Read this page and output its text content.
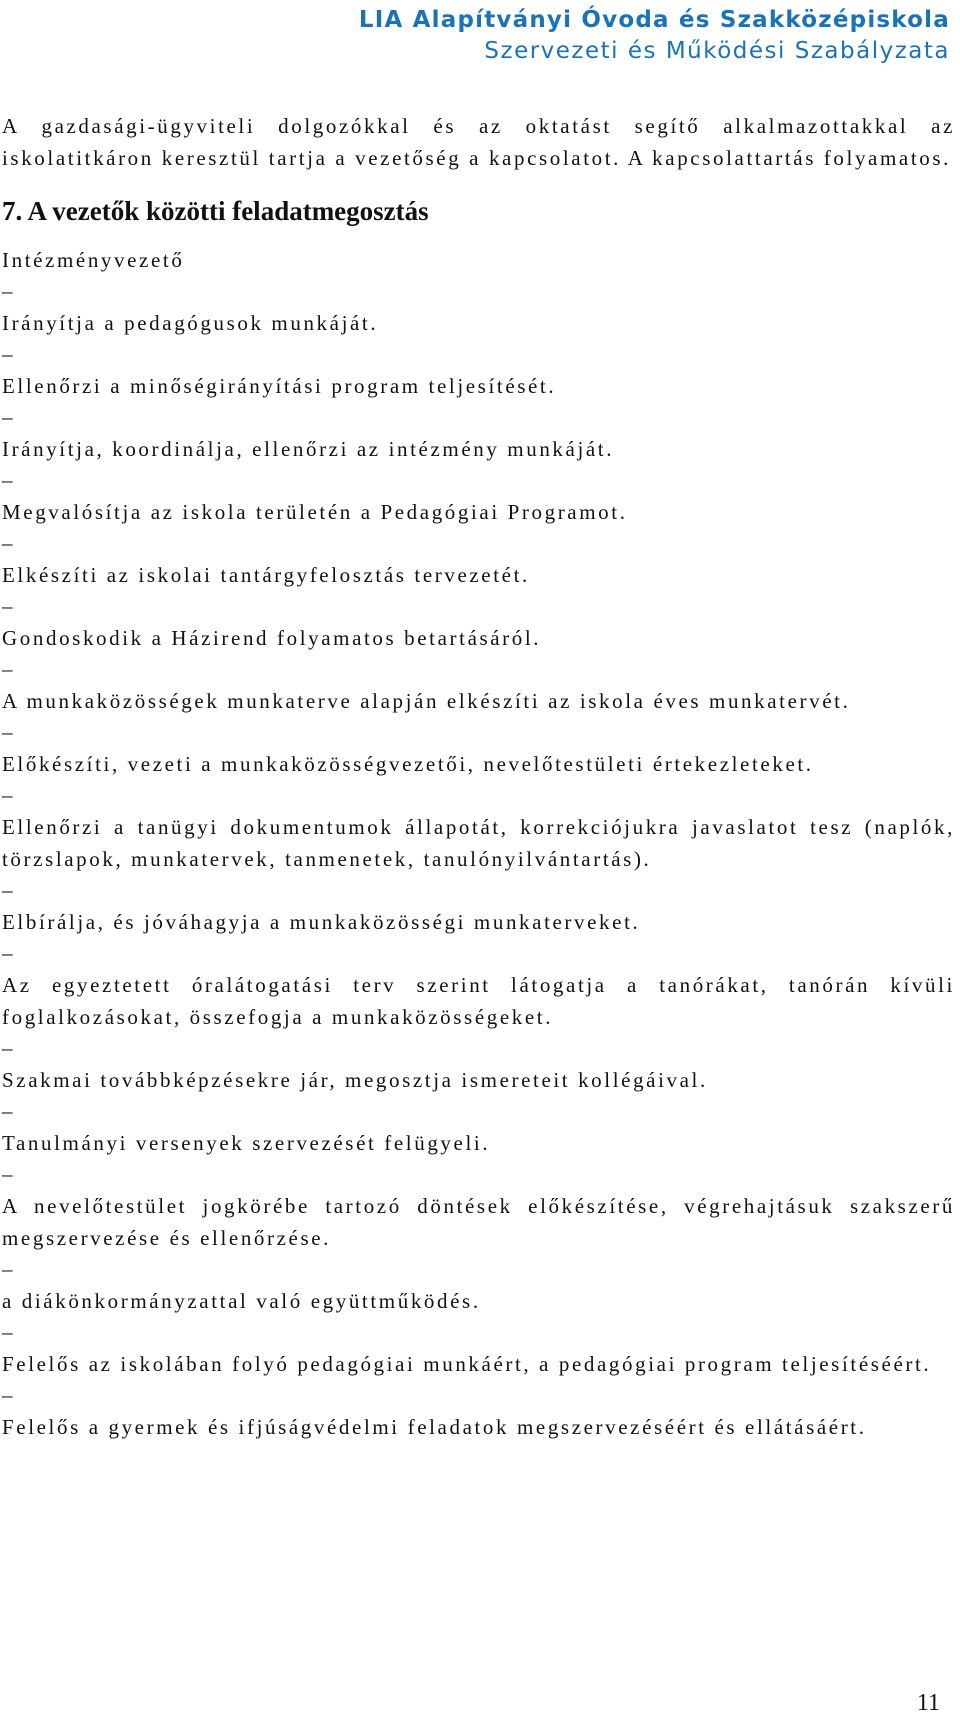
LIA Alapítványi Óvoda és Szakközépiskola
Szervezeti és Működési Szabályzata

A gazdasági-ügyviteli dolgozókkal és az oktatást segítő alkalmazottakkal az iskolatitkáron keresztül tartja a vezetőség a kapcsolatot. A kapcsolattartás folyamatos.

7. A vezetők közötti feladatmegosztás

Intézményvezető

–

Irányítja a pedagógusok munkáját.

–

Ellenőrzi a minőségirányítási program teljesítését.

–

Irányítja, koordinálja, ellenőrzi az intézmény munkáját.

–

Megvalósítja az iskola területén a Pedagógiai Programot.

–

Elkészíti az iskolai tantárgyfelosztás tervezetét.

–

Gondoskodik a Házirend folyamatos betartásáról.

–

A munkaközösségek munkaterve alapján elkészíti az iskola éves munkatervét.

–

Előkészíti, vezeti a munkaközösségvezetői, nevelőtestületi értekezleteket.

–

Ellenőrzi a tanügyi dokumentumok állapotát, korrekciójukra javaslatot tesz (naplók, törzslapok, munkatervek, tanmenetek, tanulónyilvántartás).

–

Elbírálja, és jóváhagyja a munkaközösségi munkaterveket.

–

Az egyeztetett óralátogatási terv szerint látogatja a tanórákat, tanórán kívüli foglalkozásokat, összefogja a munkaközösségeket.

–

Szakmai továbbképzésekre jár, megosztja ismereteit kollégáival.

–

Tanulmányi versenyek szervezését felügyeli.

–

A nevelőtestület jogkörébe tartozó döntések előkészítése, végrehajtásuk szakszerű megszervezése és ellenőrzése.

–

a diákönkormányzattal való együttműködés.

–

Felelős az iskolában folyó pedagógiai munkáért, a pedagógiai program teljesítéséért.

–

Felelős a gyermek és ifjúságvédelmi feladatok megszervezéséért és ellátásáért.

11
